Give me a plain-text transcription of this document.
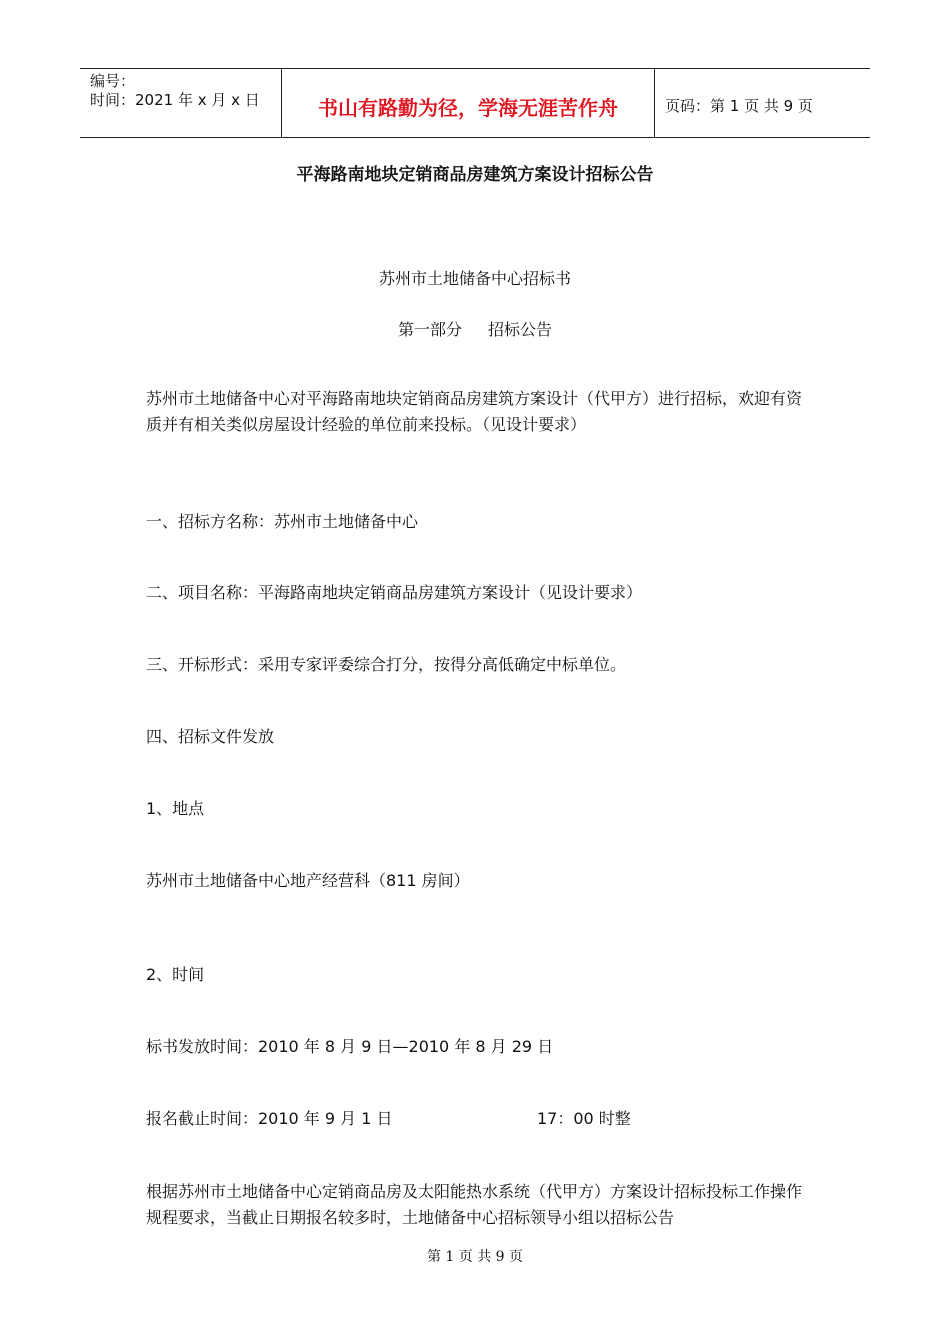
编号：
时间：2021 年 x 月 x 日	书山有路勤为径，学海无涯苦作舟	页码：第 1 页 共 9 页
平海路南地块定销商品房建筑方案设计招标公告

苏州市土地储备中心招标书

第一部分 招标公告

苏州市土地储备中心对平海路南地块定销商品房建筑方案设计（代甲方）进行招标，欢迎有资质并有相关类似房屋设计经验的单位前来投标。（见设计要求）

一、招标方名称：苏州市土地储备中心

二、项目名称：平海路南地块定销商品房建筑方案设计（见设计要求）

三、开标形式：采用专家评委综合打分，按得分高低确定中标单位。

四、招标文件发放

1、地点

苏州市土地储备中心地产经营科（811 房间）

2、时间

标书发放时间：2010 年 8 月 9 日—2010 年 8 月 29 日

报名截止时间：2010 年 9 月 1 日	17：00 时整

根据苏州市土地储备中心定销商品房及太阳能热水系统（代甲方）方案设计招标投标工作操作规程要求，当截止日期报名较多时，土地储备中心招标领导小组以招标公告

第 1 页 共 9 页
